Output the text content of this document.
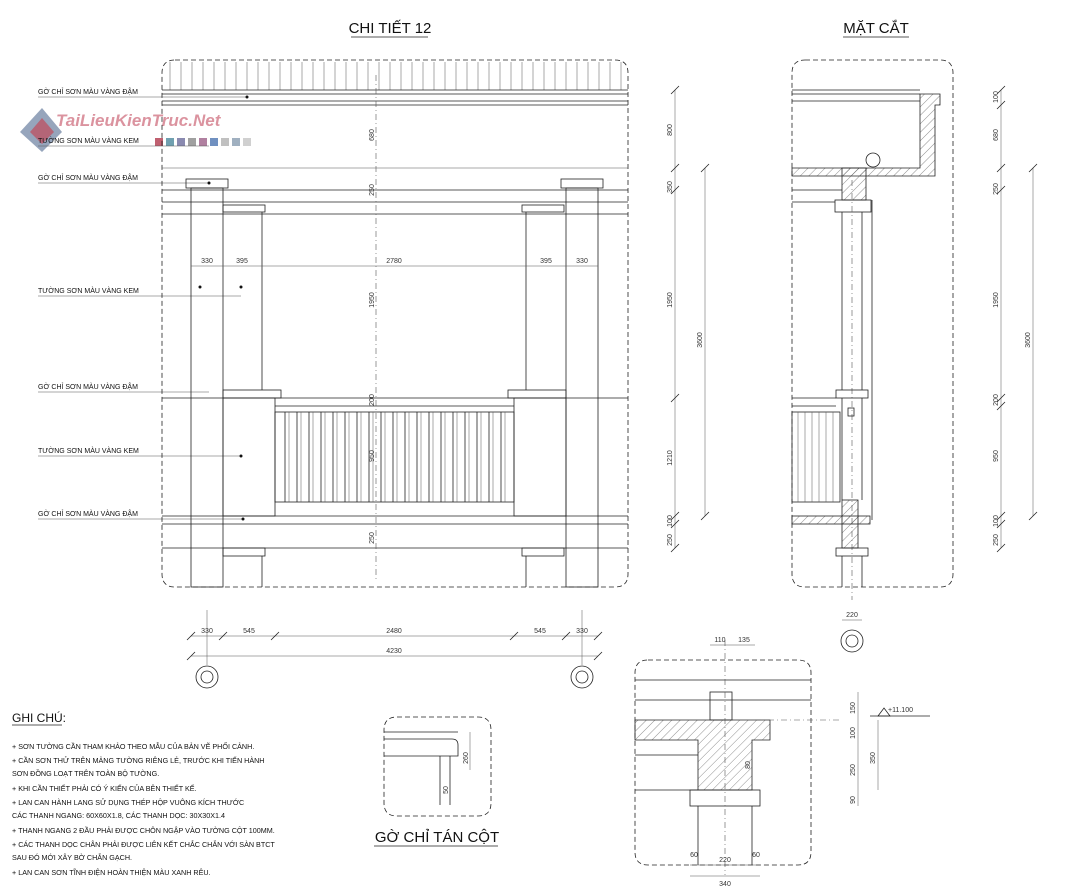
CHI TIẾT 12	MẶT CẮT
TaiLieuKienTruc.Net
GỜ CHỈ SƠN MÀU VÀNG ĐẬM
TƯỜNG SƠN MÀU VÀNG KEM
GỜ CHỈ SƠN MÀU VÀNG ĐẬM
TƯỜNG SƠN MÀU VÀNG KEM
GỜ CHỈ SƠN MÀU VÀNG ĐẬM
TƯỜNG SƠN MÀU VÀNG KEM
GỜ CHỈ SƠN MÀU VÀNG ĐẬM
330	395	2780	395	330
680
250
1950
200
950
250
800
350
1950
1210
100
250
3600
330	545	2480	545	330
4230
220
100
680
250
1950
200
950
100
250
3600
260
50
GỜ CHỈ TÁN CỘT
110 135
150
100
250
90
350
80
+11.100
220
340
60	60
GHI CHÚ:
+ SƠN TƯỜNG CẦN THAM KHẢO THEO MẪU CỦA BẢN VẼ PHỐI CẢNH.
+ CẦN SƠN THỬ TRÊN MẢNG TƯỜNG RIÊNG LẺ, TRƯỚC KHI TIẾN HÀNH
SƠN ĐỒNG LOẠT TRÊN TOÀN BỘ TƯỜNG.
+ KHI CẦN THIẾT PHẢI CÓ Ý KIẾN CỦA BÊN THIẾT KẾ.
+ LAN CAN HÀNH LANG SỬ DỤNG THÉP HỘP VUÔNG KÍCH THƯỚC
CÁC THANH NGANG: 60X60X1.8, CÁC THANH DỌC: 30X30X1.4
+ THANH NGANG 2 ĐẦU PHẢI ĐƯỢC CHÔN NGẬP VÀO TƯỜNG CỘT 100MM.
+ CÁC THANH DỌC CHÂN PHẢI ĐƯỢC LIÊN KẾT CHẮC CHẮN VỚI SÀN BTCT
SAU ĐÓ MỚI XÂY BỜ CHẮN GẠCH.
+ LAN CAN SƠN TĨNH ĐIỆN HOÀN THIỆN MÀU XANH RÊU.
